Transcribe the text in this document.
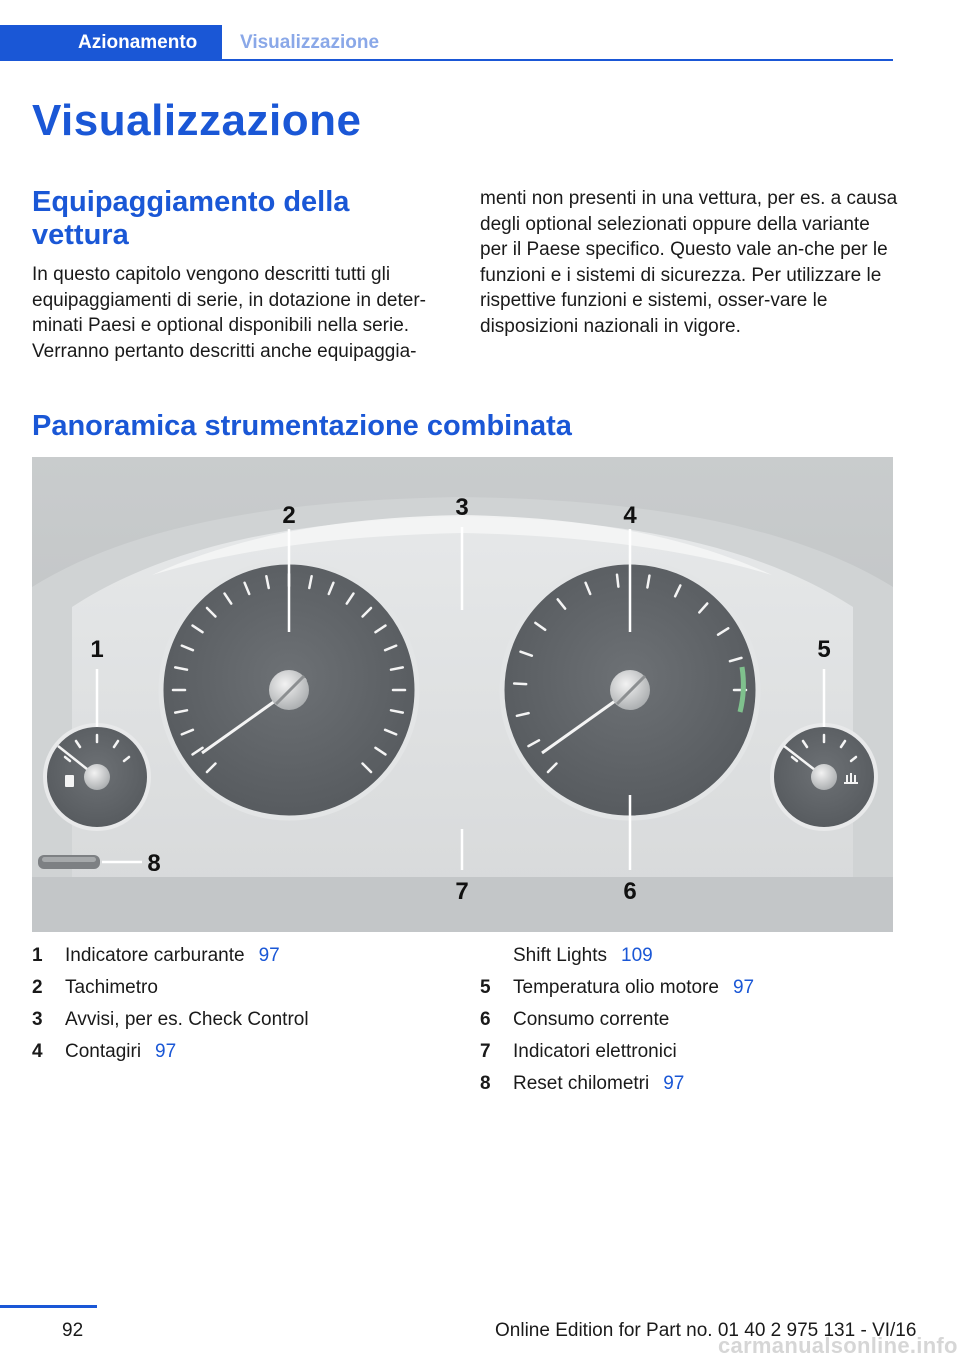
Azionamento	Visualizzazione
Visualizzazione
Equipaggiamento della vettura

In questo capitolo vengono descritti tutti gli equipaggiamenti di serie, in dotazione in deter-minati Paesi e optional disponibili nella serie. Verranno pertanto descritti anche equipaggia-

menti non presenti in una vettura, per es. a causa degli optional selezionati oppure della variante per il Paese specifico. Questo vale an-che per le funzioni e i sistemi di sicurezza. Per utilizzare le rispettive funzioni e sistemi, osser-vare le disposizioni nazionali in vigore.

Panoramica strumentazione combinata
1
2	3	4
5
6
7
8
1 Indicatore carburante 97
2 Tachimetro
3 Avvisi, per es. Check Control
4 Contagiri 97
Shift Lights 109
5 Temperatura olio motore 97
6 Consumo corrente
7 Indicatori elettronici
8 Reset chilometri 97
92	Online Edition for Part no. 01 40 2 975 131 - VI/16
carmanualsonline.info
